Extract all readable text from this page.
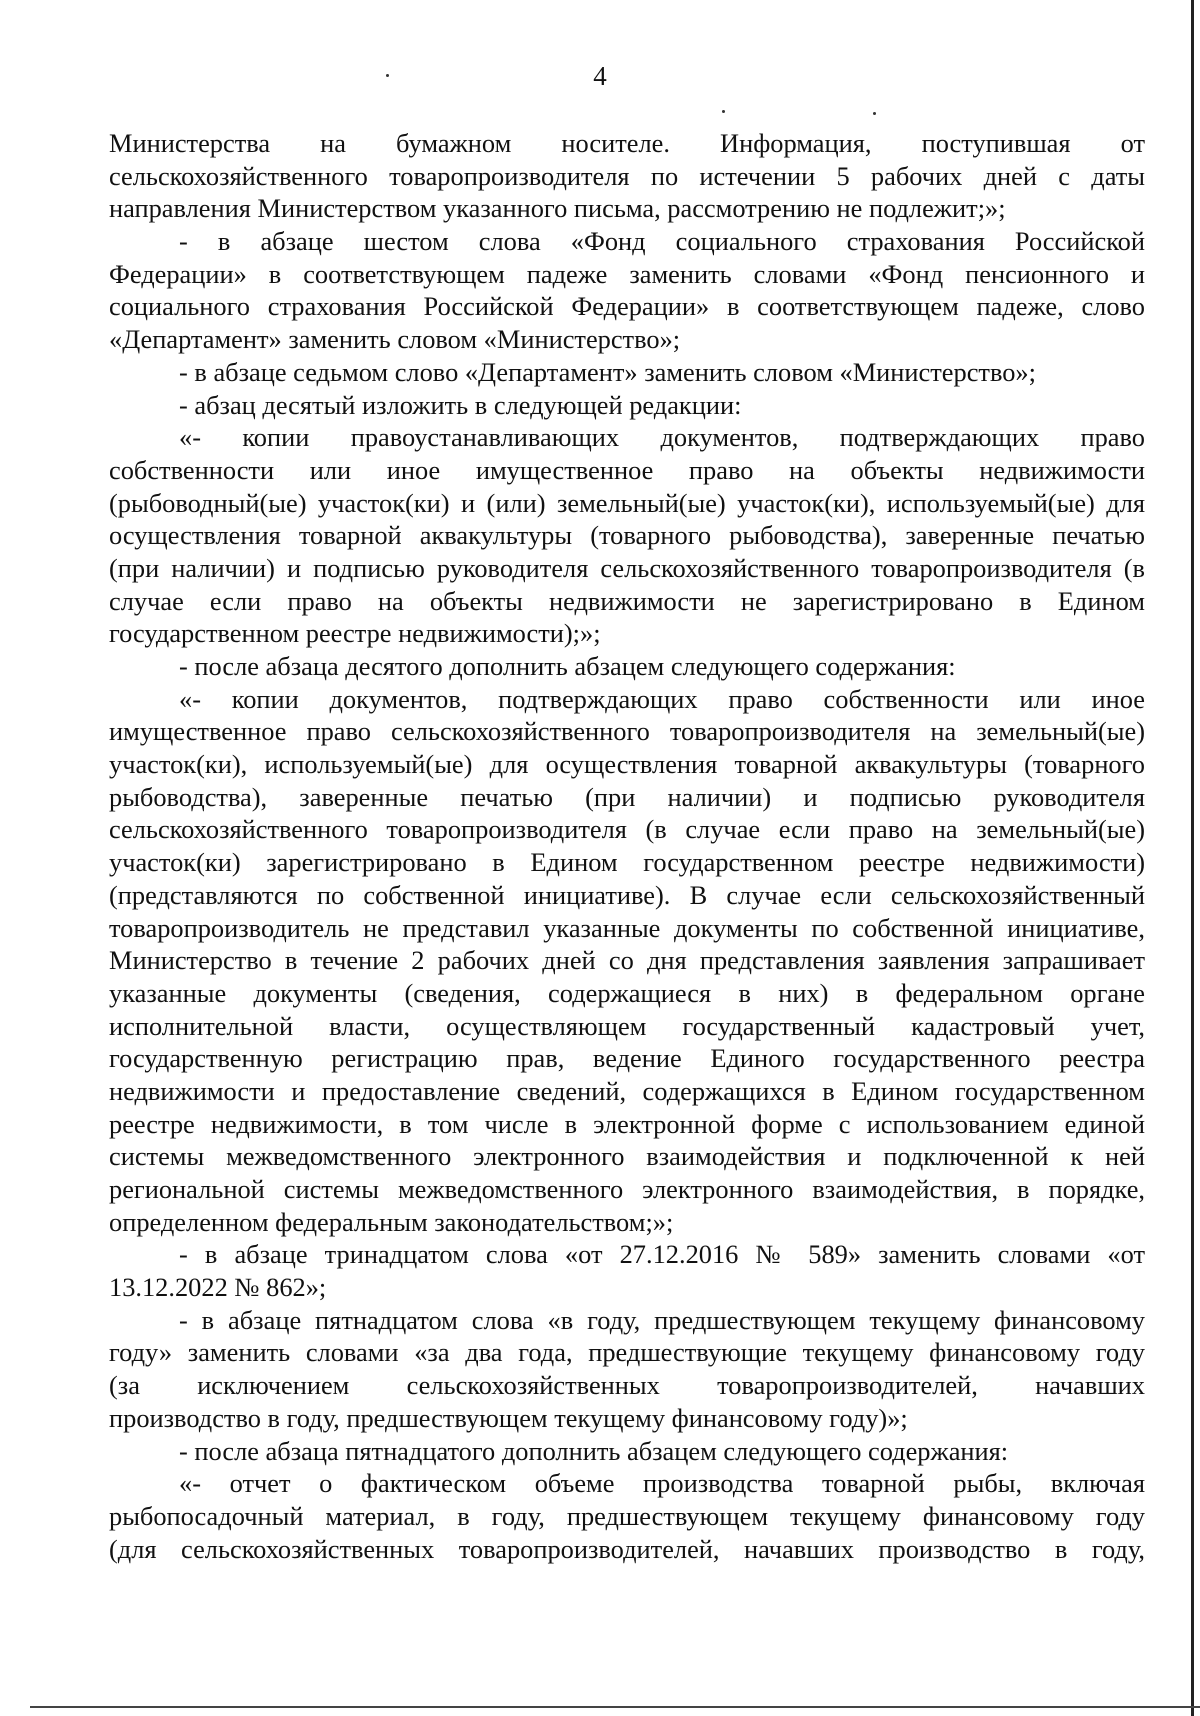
4
Министерства на бумажном носителе. Информация, поступившая от
сельскохозяйственного товаропроизводителя по истечении 5 рабочих дней с даты
направления Министерством указанного письма, рассмотрению не подлежит;»;
- в абзаце шестом слова «Фонд социального страхования Российской
Федерации» в соответствующем падеже заменить словами «Фонд пенсионного и
социального страхования Российской Федерации» в соответствующем падеже, слово
«Департамент» заменить словом «Министерство»;
- в абзаце седьмом слово «Департамент» заменить словом «Министерство»;
- абзац десятый изложить в следующей редакции:
«- копии правоустанавливающих документов, подтверждающих право
собственности или иное имущественное право на объекты недвижимости
(рыбоводный(ые) участок(ки) и (или) земельный(ые) участок(ки), используемый(ые) для
осуществления товарной аквакультуры (товарного рыбоводства), заверенные печатью
(при наличии) и подписью руководителя сельскохозяйственного товаропроизводителя (в
случае если право на объекты недвижимости не зарегистрировано в Едином
государственном реестре недвижимости);»;
- после абзаца десятого дополнить абзацем следующего содержания:
«- копии документов, подтверждающих право собственности или иное
имущественное право сельскохозяйственного товаропроизводителя на земельный(ые)
участок(ки), используемый(ые) для осуществления товарной аквакультуры (товарного
рыбоводства), заверенные печатью (при наличии) и подписью руководителя
сельскохозяйственного товаропроизводителя (в случае если право на земельный(ые)
участок(ки) зарегистрировано в Едином государственном реестре недвижимости)
(представляются по собственной инициативе). В случае если сельскохозяйственный
товаропроизводитель не представил указанные документы по собственной инициативе,
Министерство в течение 2 рабочих дней со дня представления заявления запрашивает
указанные документы (сведения, содержащиеся в них) в федеральном органе
исполнительной власти, осуществляющем государственный кадастровый учет,
государственную регистрацию прав, ведение Единого государственного реестра
недвижимости и предоставление сведений, содержащихся в Едином государственном
реестре недвижимости, в том числе в электронной форме с использованием единой
системы межведомственного электронного взаимодействия и подключенной к ней
региональной системы межведомственного электронного взаимодействия, в порядке,
определенном федеральным законодательством;»;
- в абзаце тринадцатом слова «от 27.12.2016 № 589» заменить словами «от
13.12.2022 № 862»;
- в абзаце пятнадцатом слова «в году, предшествующем текущему финансовому
году» заменить словами «за два года, предшествующие текущему финансовому году
(за исключением сельскохозяйственных товаропроизводителей, начавших
производство в году, предшествующем текущему финансовому году)»;
- после абзаца пятнадцатого дополнить абзацем следующего содержания:
«- отчет о фактическом объеме производства товарной рыбы, включая
рыбопосадочный материал, в году, предшествующем текущему финансовому году
(для сельскохозяйственных товаропроизводителей, начавших производство в году,
